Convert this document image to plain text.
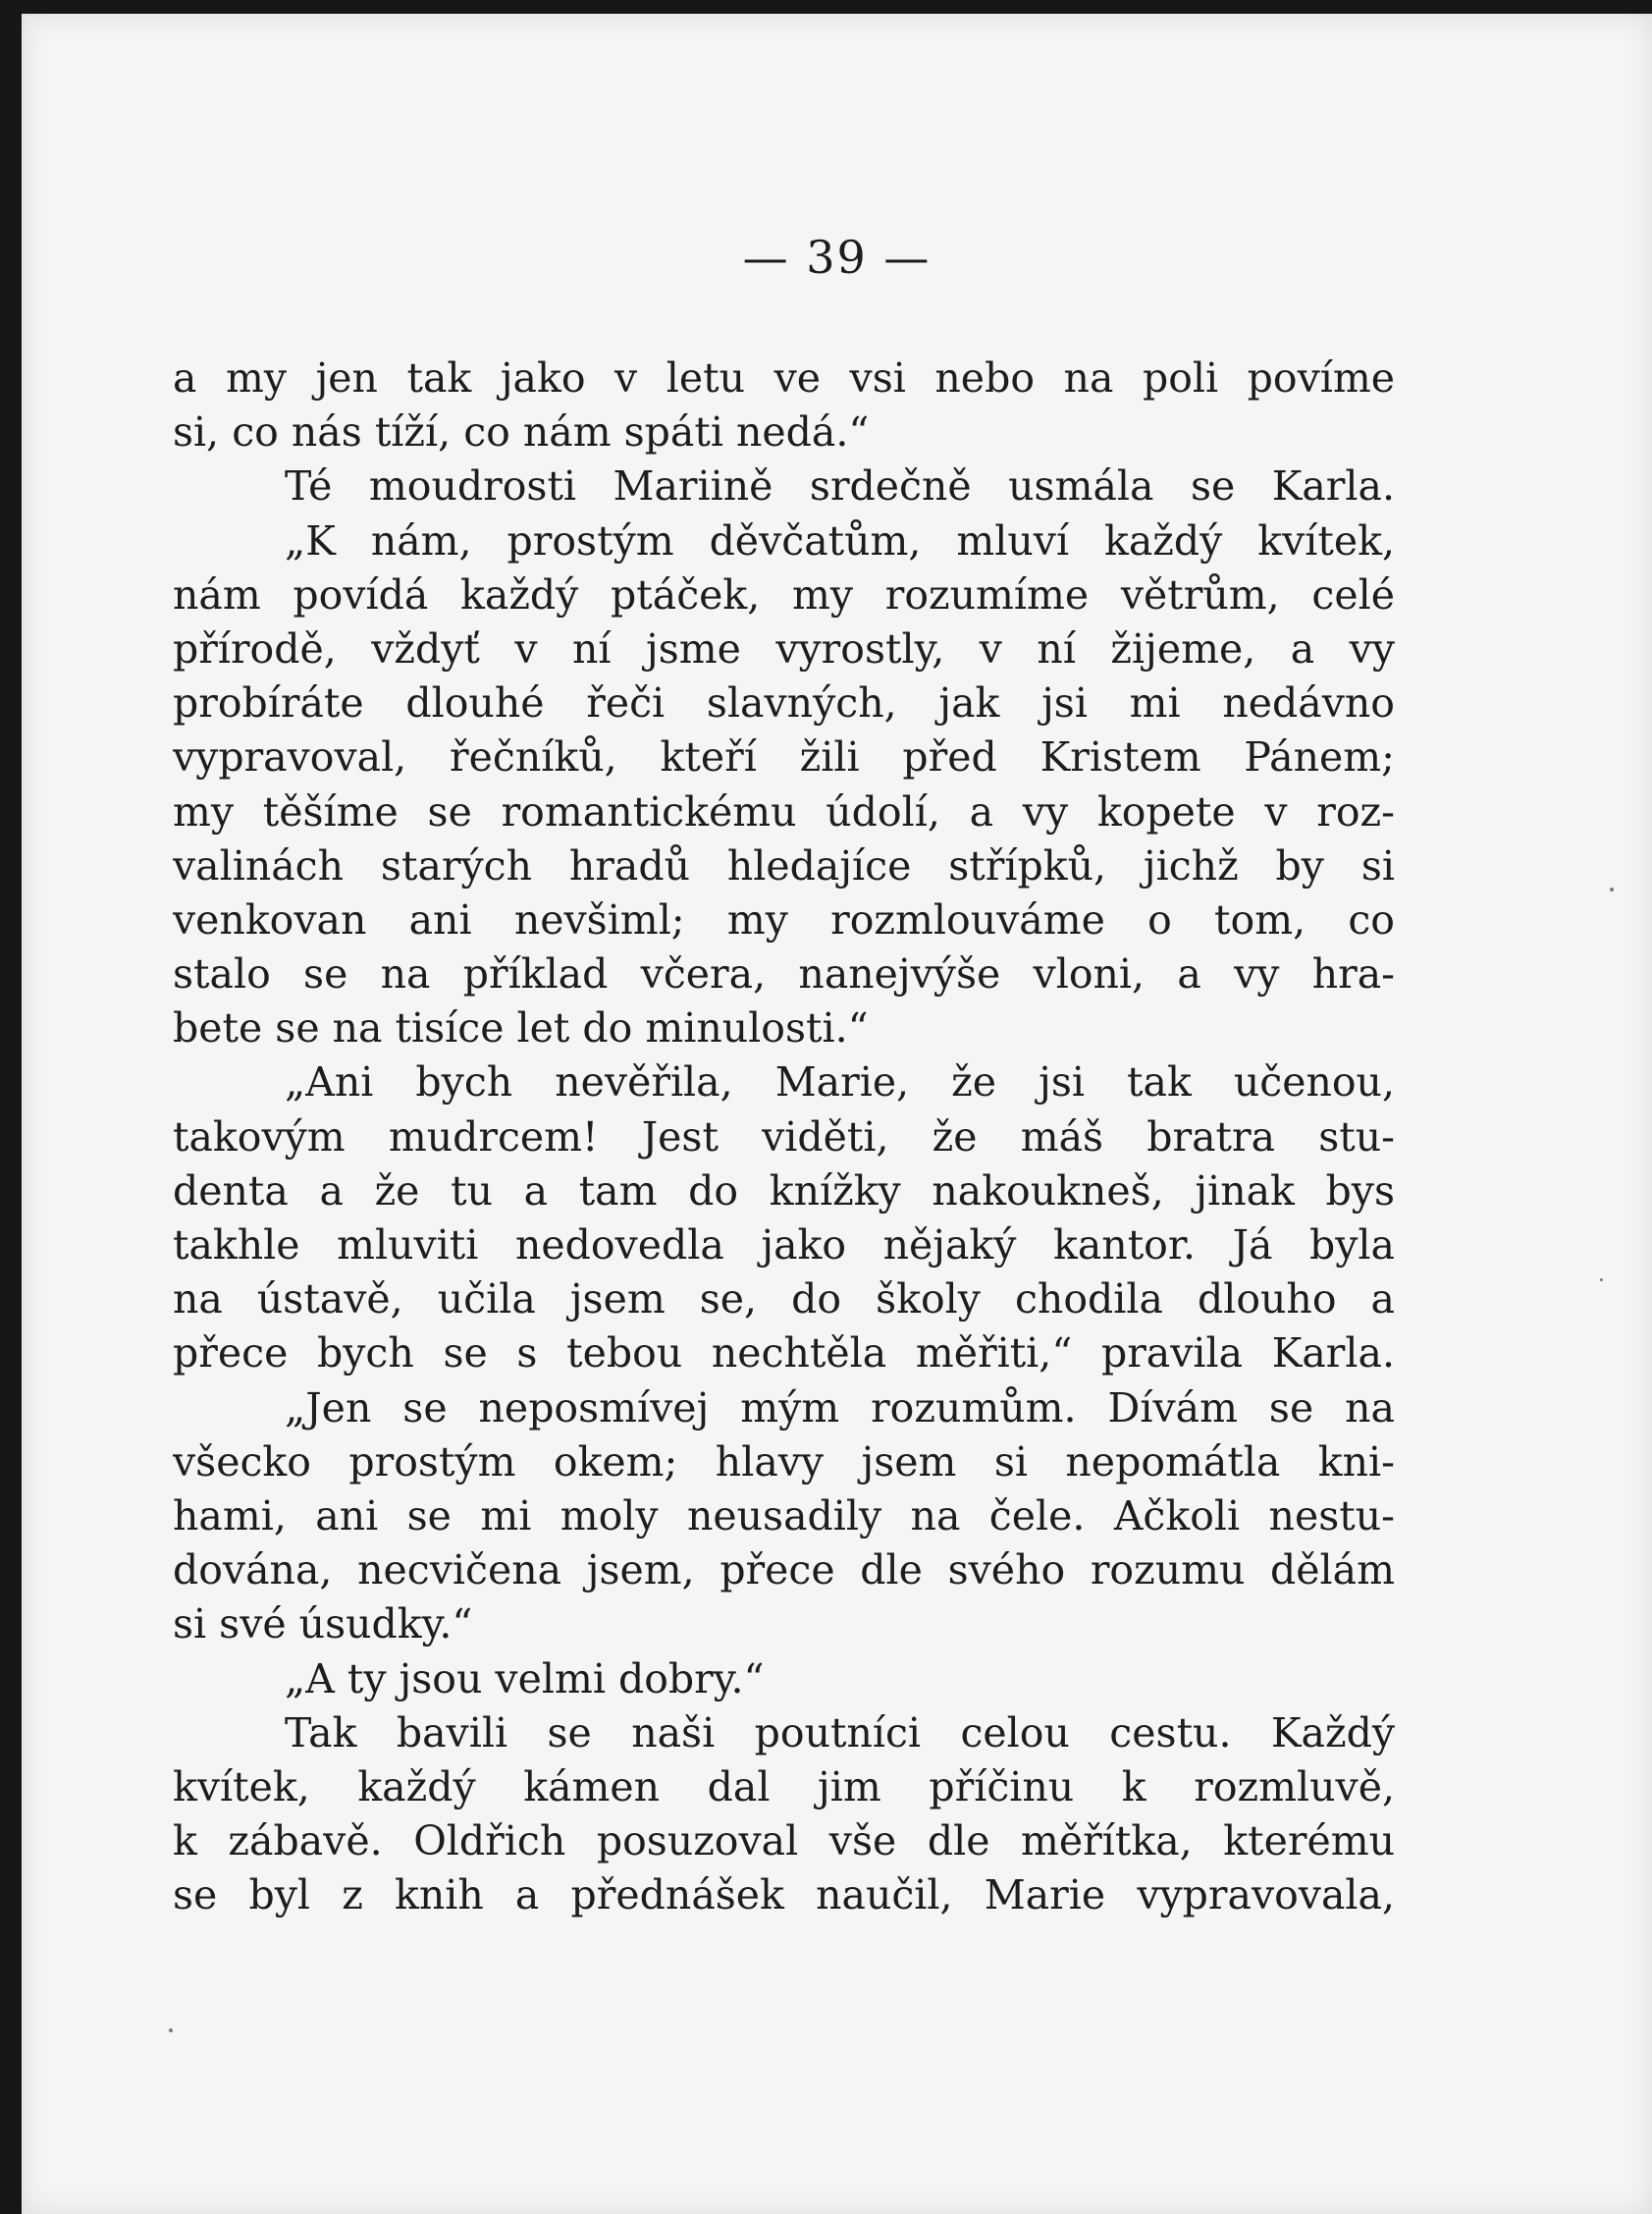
— 39 —

a my jen tak jako v letu ve vsi nebo na poli povíme
si, co nás tíží, co nám spáti nedá.“
Té moudrosti Mariině srdečně usmála se Karla.
„K nám, prostým děvčatům, mluví každý kvítek,
nám povídá každý ptáček, my rozumíme větrům, celé
přírodě, vždyť v ní jsme vyrostly, v ní žijeme, a vy
probíráte dlouhé řeči slavných, jak jsi mi nedávno
vypravoval, řečníků, kteří žili před Kristem Pánem;
my těšíme se romantickému údolí, a vy kopete v roz-
valinách starých hradů hledajíce střípků, jichž by si
venkovan ani nevšiml; my rozmlouváme o tom, co
stalo se na příklad včera, nanejvýše vloni, a vy hra-
bete se na tisíce let do minulosti.“
„Ani bych nevěřila, Marie, že jsi tak učenou,
takovým mudrcem! Jest viděti, že máš bratra stu-
denta a že tu a tam do knížky nakoukneš, jinak bys
takhle mluviti nedovedla jako nějaký kantor. Já byla
na ústavě, učila jsem se, do školy chodila dlouho a
přece bych se s tebou nechtěla měřiti,“ pravila Karla.
„Jen se neposmívej mým rozumům. Dívám se na
všecko prostým okem; hlavy jsem si nepomátla kni-
hami, ani se mi moly neusadily na čele. Ačkoli nestu-
dována, necvičena jsem, přece dle svého rozumu dělám
si své úsudky.“
„A ty jsou velmi dobry.“
Tak bavili se naši poutníci celou cestu. Každý
kvítek, každý kámen dal jim příčinu k rozmluvě,
k zábavě. Oldřich posuzoval vše dle měřítka, kterému
se byl z knih a přednášek naučil, Marie vypravovala,
